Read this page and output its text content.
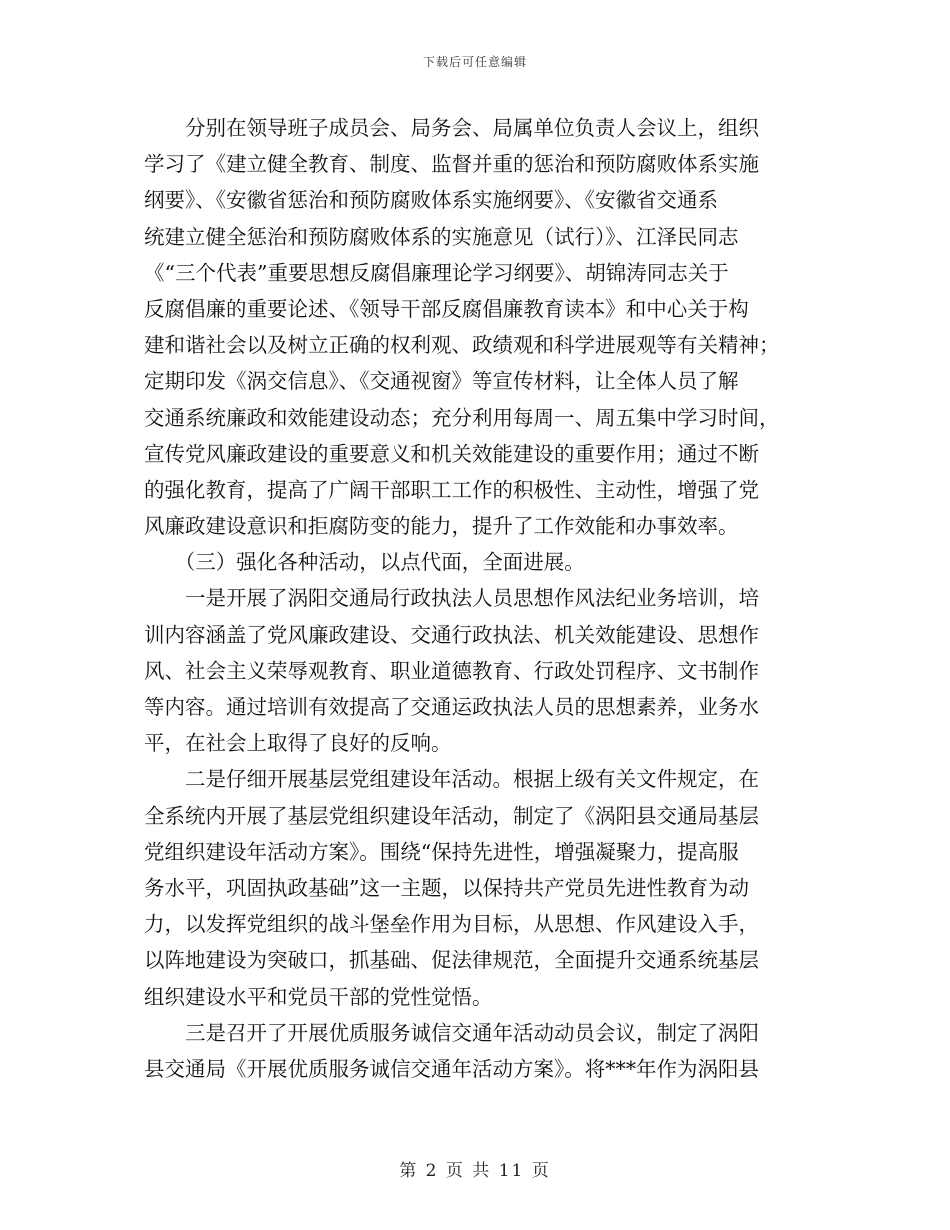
下载后可任意编辑
　　分别在领导班子成员会、局务会、局属单位负责人会议上，组织
学习了《建立健全教育、制度、监督并重的惩治和预防腐败体系实施
纲要》、《安徽省惩治和预防腐败体系实施纲要》、《安徽省交通系
统建立健全惩治和预防腐败体系的实施意见（试行）》、江泽民同志
《“三个代表”重要思想反腐倡廉理论学习纲要》、胡锦涛同志关于
反腐倡廉的重要论述、《领导干部反腐倡廉教育读本》和中心关于构
建和谐社会以及树立正确的权利观、政绩观和科学进展观等有关精神；
定期印发《涡交信息》、《交通视窗》等宣传材料，让全体人员了解
交通系统廉政和效能建设动态；充分利用每周一、周五集中学习时间，
宣传党风廉政建设的重要意义和机关效能建设的重要作用；通过不断
的强化教育，提高了广阔干部职工工作的积极性、主动性，增强了党
风廉政建设意识和拒腐防变的能力，提升了工作效能和办事效率。
　　（三）强化各种活动，以点代面，全面进展。
　　一是开展了涡阳交通局行政执法人员思想作风法纪业务培训，培
训内容涵盖了党风廉政建设、交通行政执法、机关效能建设、思想作
风、社会主义荣辱观教育、职业道德教育、行政处罚程序、文书制作
等内容。通过培训有效提高了交通运政执法人员的思想素养，业务水
平，在社会上取得了良好的反响。
　　二是仔细开展基层党组建设年活动。根据上级有关文件规定，在
全系统内开展了基层党组织建设年活动，制定了《涡阳县交通局基层
党组织建设年活动方案》。围绕“保持先进性，增强凝聚力，提高服
务水平，巩固执政基础”这一主题，以保持共产党员先进性教育为动
力，以发挥党组织的战斗堡垒作用为目标，从思想、作风建设入手，
以阵地建设为突破口，抓基础、促法律规范，全面提升交通系统基层
组织建设水平和党员干部的党性觉悟。
　　三是召开了开展优质服务诚信交通年活动动员会议，制定了涡阳
县交通局《开展优质服务诚信交通年活动方案》。将***年作为涡阳县
第 2 页 共 11 页
